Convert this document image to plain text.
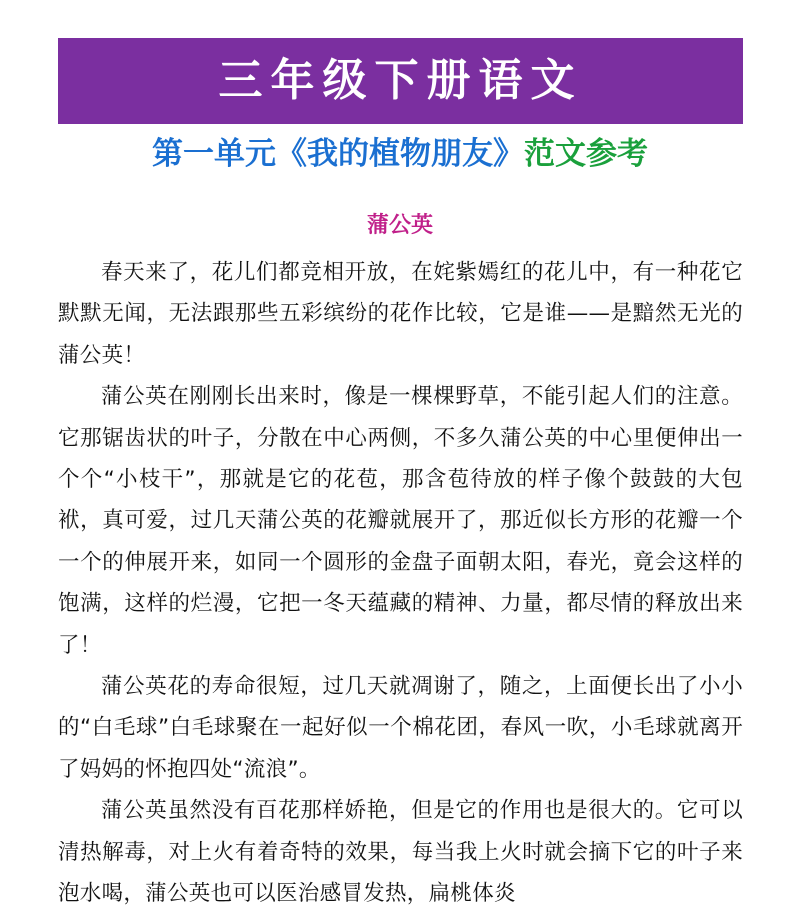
三年级下册语文
第一单元《我的植物朋友》范文参考
蒲公英

春天来了，花儿们都竞相开放，在姹紫嫣红的花儿中，有一种花它默默无闻，无法跟那些五彩缤纷的花作比较，它是谁——是黯然无光的蒲公英！

蒲公英在刚刚长出来时，像是一棵棵野草，不能引起人们的注意。它那锯齿状的叶子，分散在中心两侧，不多久蒲公英的中心里便伸出一个个“小枝干”，那就是它的花苞，那含苞待放的样子像个鼓鼓的大包袱，真可爱，过几天蒲公英的花瓣就展开了，那近似长方形的花瓣一个一个的伸展开来，如同一个圆形的金盘子面朝太阳，春光，竟会这样的饱满，这样的烂漫，它把一冬天蕴藏的精神、力量，都尽情的释放出来了！

蒲公英花的寿命很短，过几天就凋谢了，随之，上面便长出了小小的“白毛球”白毛球聚在一起好似一个棉花团，春风一吹，小毛球就离开了妈妈的怀抱四处“流浪”。

蒲公英虽然没有百花那样娇艳，但是它的作用也是很大的。它可以清热解毒，对上火有着奇特的效果，每当我上火时就会摘下它的叶子来泡水喝，蒲公英也可以医治感冒发热，扁桃体炎
